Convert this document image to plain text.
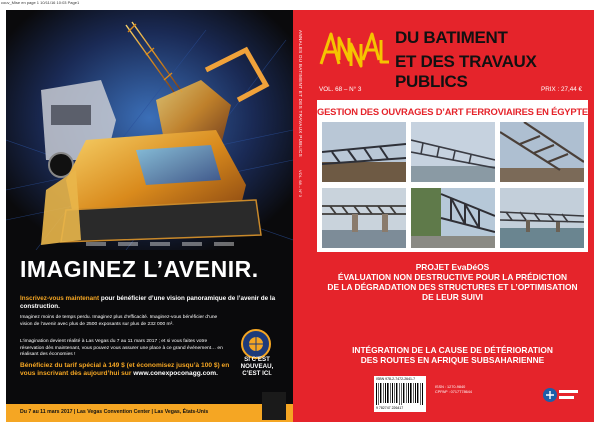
couv_Mise en page 1 10/11/16 10:03 Page1
IMAGINEZ L’AVENIR.
Inscrivez-vous maintenant pour bénéficier d’une vision panoramique de l’avenir de la construction.
Imaginez moins de temps perdu. Imaginez plus d’efficacité. Imaginez-vous bénéficier d’une vision de l’avenir avec plus de 2500 exposants sur plus de 232 000 m².
L’imagination devient réalité à Las Vegas du 7 au 11 mars 2017 ; et si vous faites votre réservation dès maintenant, vous pouvez vous assurer une place à ce grand événement… en réalisant des économies !
Bénéficiez du tarif spécial à 149 $ (et économisez jusqu’à 100 $) en vous inscrivant dès aujourd’hui sur www.conexpoconagg.com.
SI C’EST NOUVEAU, C’EST ICI.
Du 7 au 11 mars 2017 | Las Vegas Convention Center | Las Vegas, États-Unis
ANNALES DU BATIMENT ET DES TRAVAUX PUBLICS
VOL. 68 – N° 3
DU BATIMENT
ET DES TRAVAUX PUBLICS
VOL. 68 – N° 3	PRIX : 27,44 €
GESTION DES OUVRAGES D’ART FERROVIAIRES EN ÉGYPTE
PROJET EvaDéOS
ÉVALUATION NON DESTRUCTIVE POUR LA PRÉDICTION
DE LA DÉGRADATION DES STRUCTURES ET L’OPTIMISATION
DE LEUR SUIVI
INTÉGRATION DE LA CAUSE DE DÉTÉRIORATION
DES ROUTES EN AFRIQUE SUBSAHARIENNE
ISBN 978-2-7472-2641-7
9 782747 226417
ISSN : 1270-9840
CPPAP : 0717T78644
